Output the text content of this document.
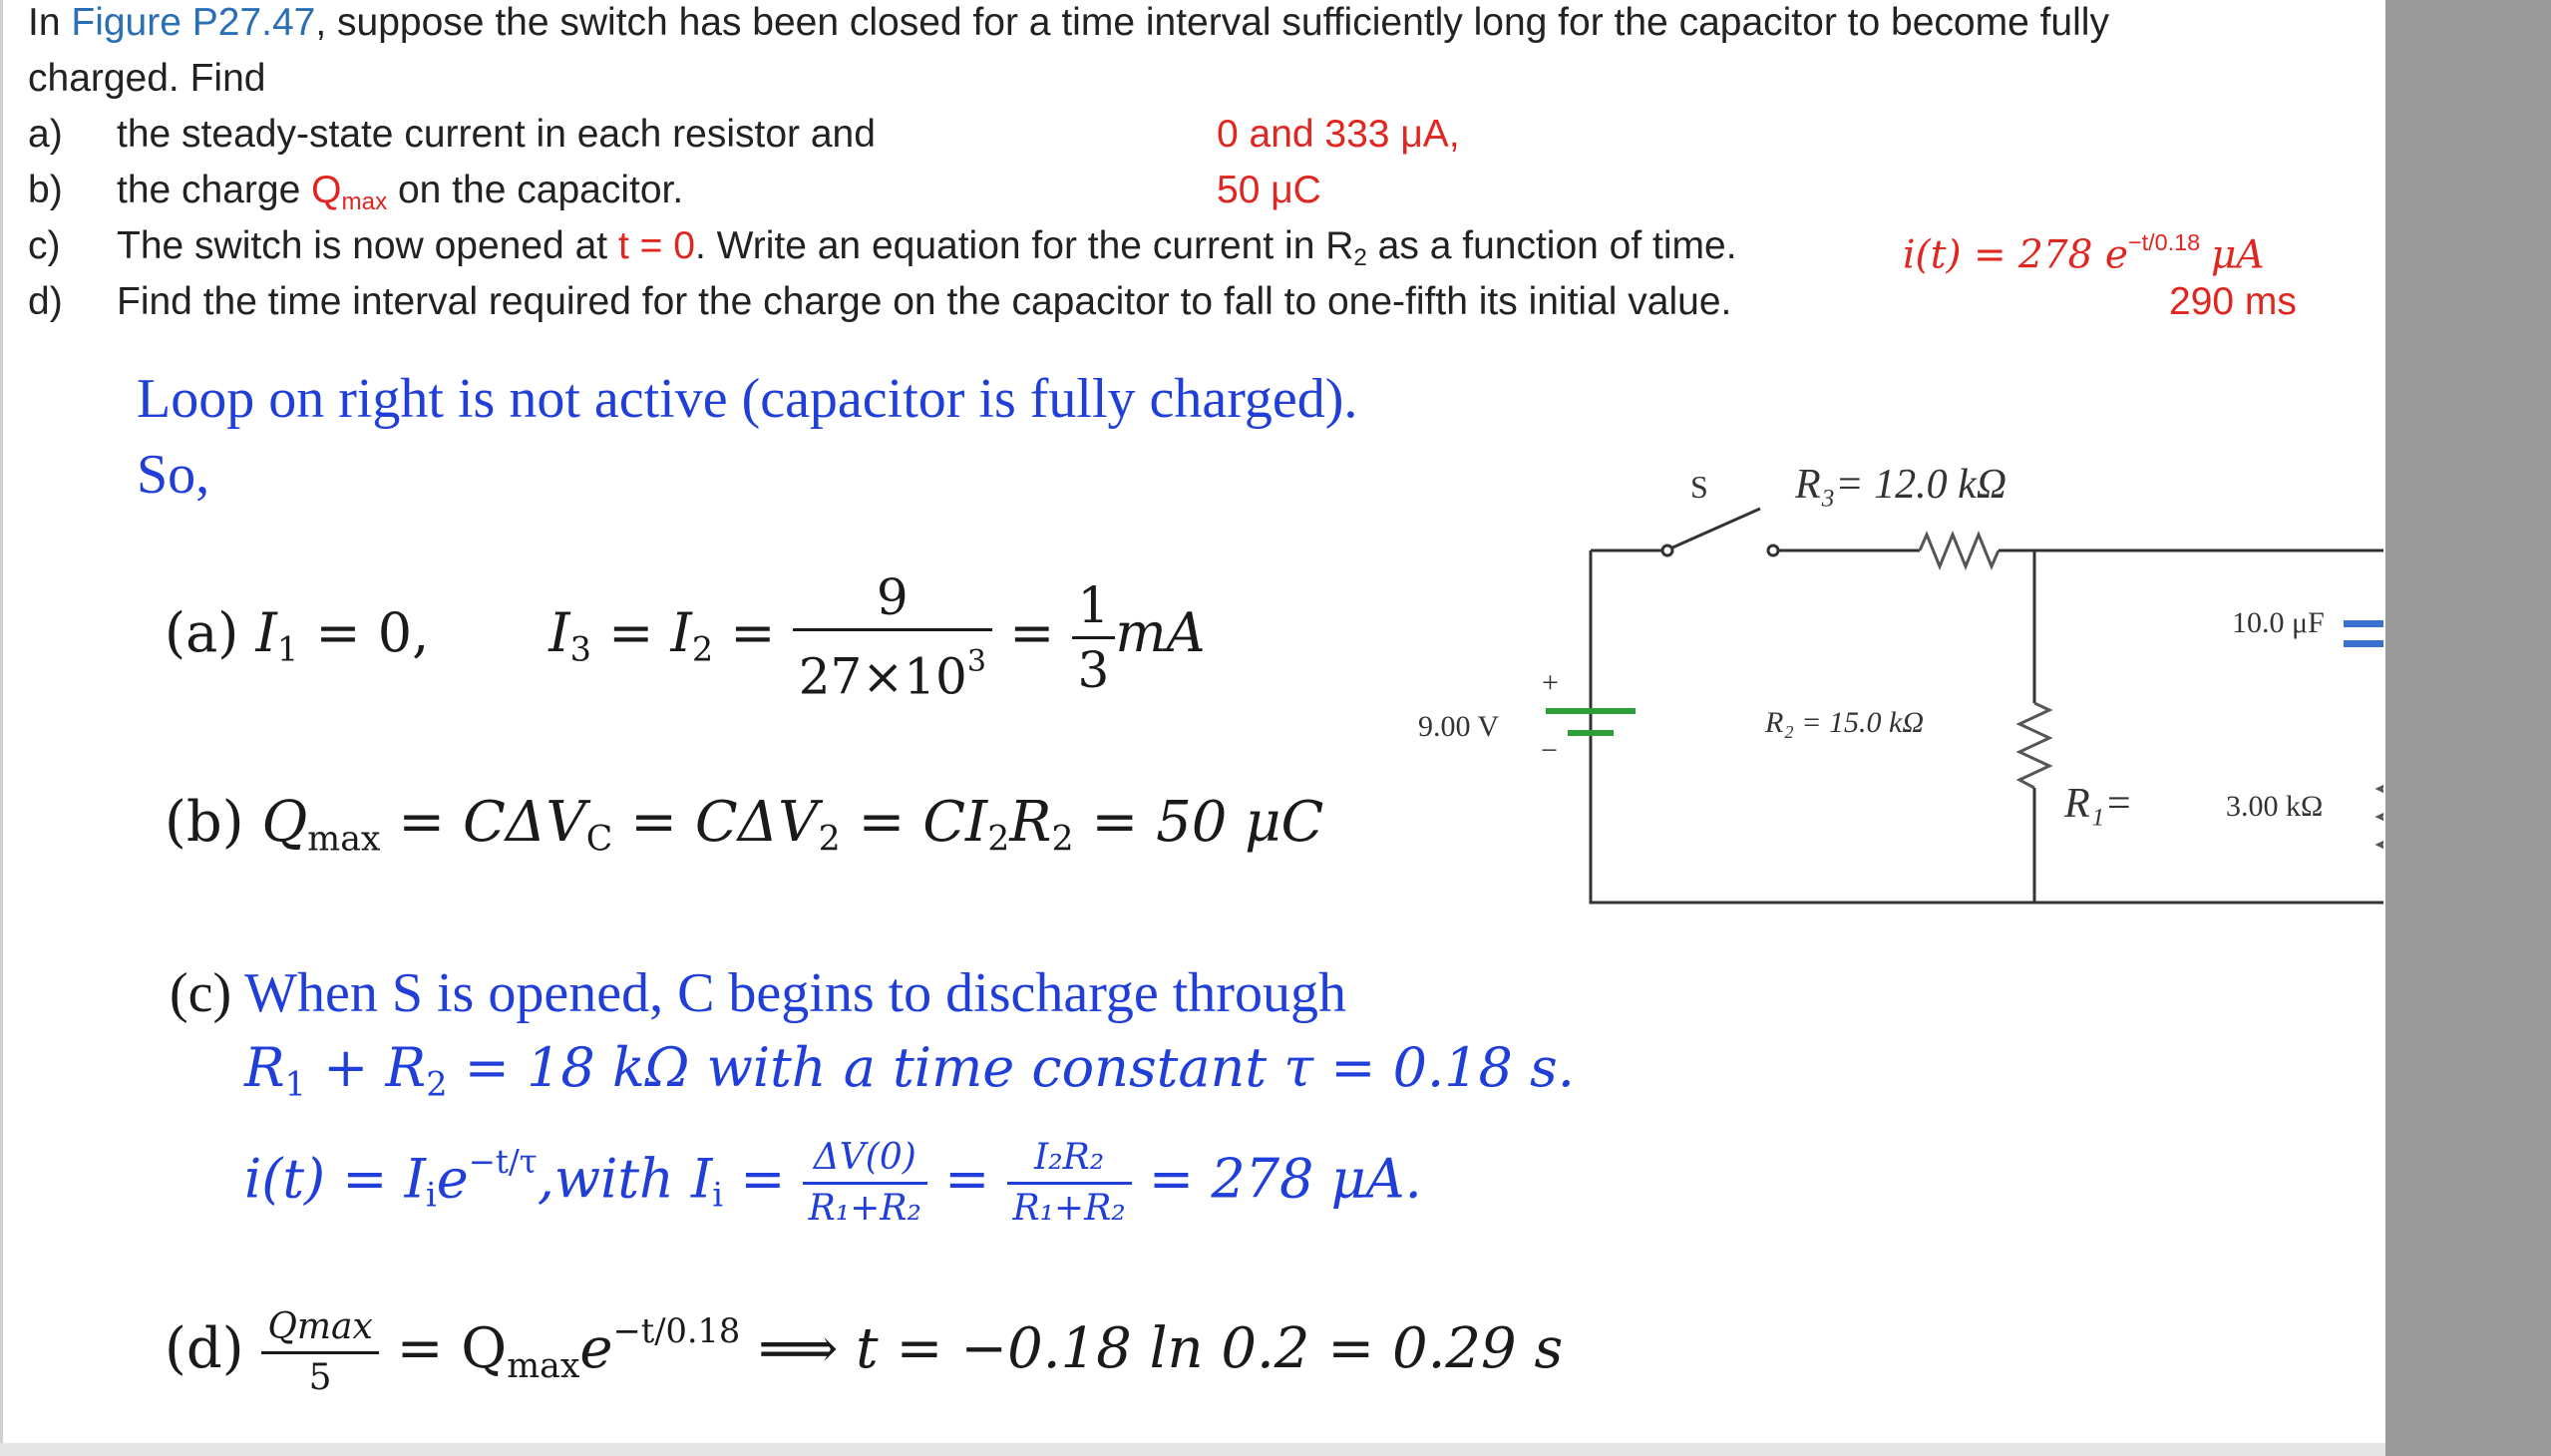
In Figure P27.47, suppose the switch has been closed for a time interval sufficiently long for the capacitor to become fully
charged. Find
a) the steady-state current in each resistor and	0 and 333 μA,
b) the charge $Q_{max}$ on the capacitor.	50 μC
c) The switch is now opened at t = 0. Write an equation for the current in $R_2$ as a function of time.	i(t) = 278 $e^{-t/0.18}$ μA
d) Find the time interval required for the charge on the capacitor to fall to one-fifth its initial value.	290 ms
Loop on right is not active (capacitor is fully charged).
So,
(a) $I_1 = 0$, $I_3 = I_2 = \frac{9}{27\times 10^3} = \frac{1}{3}$ mA
(b) $Q_{max} = C\Delta V_C = C\Delta V_2 = CI_2R_2 = 50$ μC
(c) When S is opened, C begins to discharge through
$R_1 + R_2 = 18$ kΩ with a time constant τ = 0.18 s.
$i(t) = I_ie^{-t/\tau},with$ $I_i = \frac{\Delta V(0)}{\text{R₁+R₂}} = \frac{\text{I₂R₂}}{\text{R₁+R₂}} = 278$ μA.
$(d) \frac{Qmax}{5} = Q_{max}e^{-t/0.18}$ ⟹ t = −0.18 ln 0.2 = 0.29 s
S R₃= 12.0 kΩ
10.0 μF
+
−
9.00 V	R₂ = 15.0 kΩ
R₁=	3.00 kΩ
